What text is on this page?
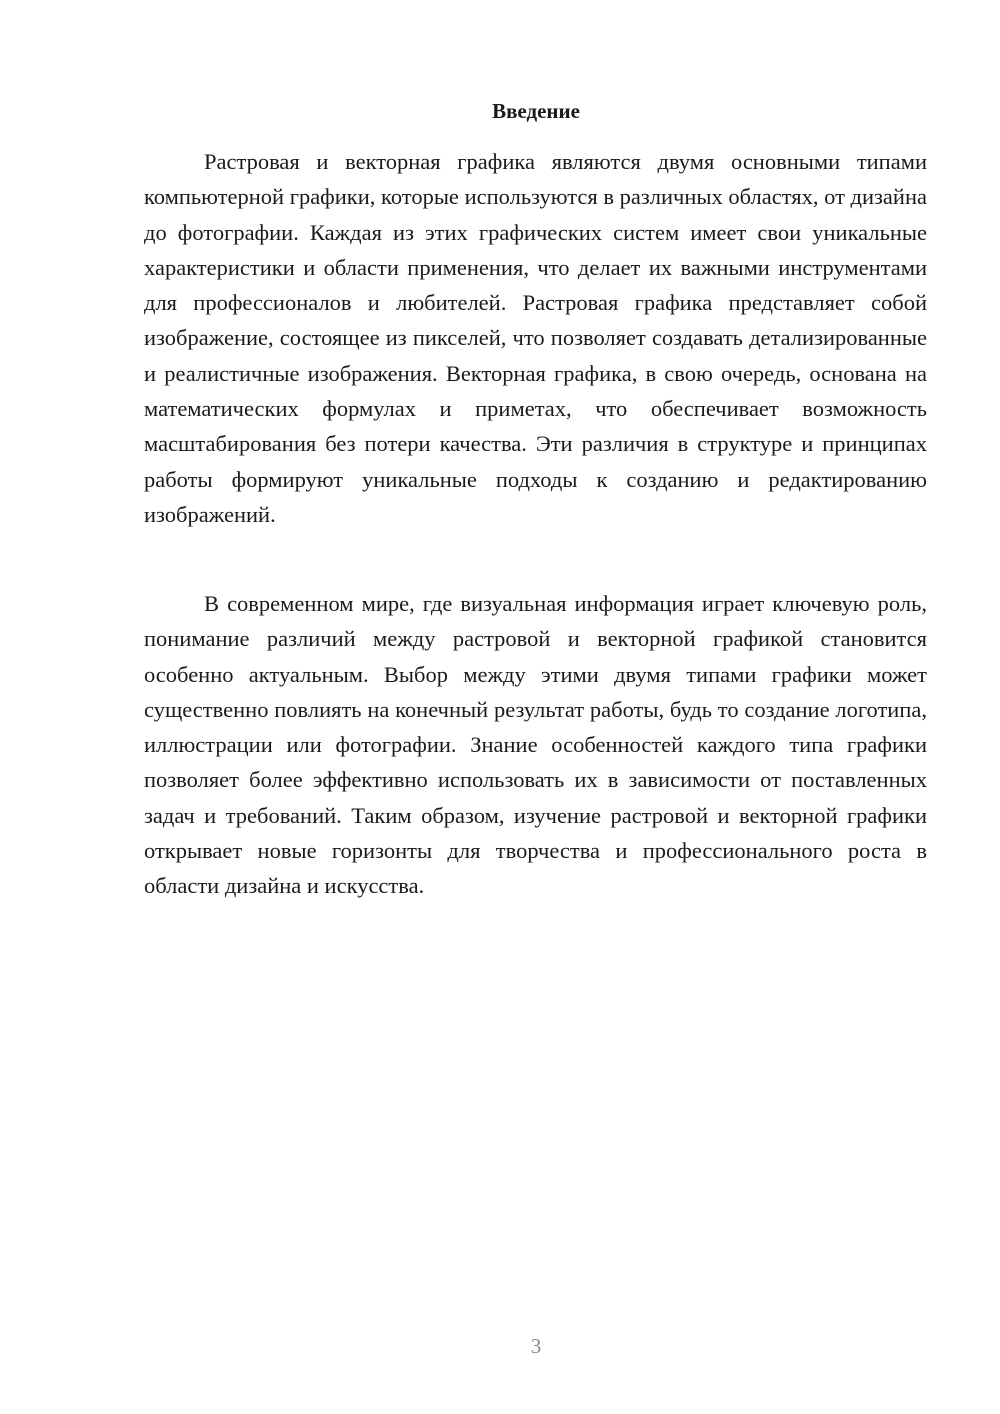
Введение

Растровая и векторная графика являются двумя основными типами компьютерной графики, которые используются в различных областях, от дизайна до фотографии. Каждая из этих графических систем имеет свои уникальные характеристики и области применения, что делает их важными инструментами для профессионалов и любителей. Растровая графика представляет собой изображение, состоящее из пикселей, что позволяет создавать детализированные и реалистичные изображения. Векторная графика, в свою очередь, основана на математических формулах и приметах, что обеспечивает возможность масштабирования без потери качества. Эти различия в структуре и принципах работы формируют уникальные подходы к созданию и редактированию изображений.

В современном мире, где визуальная информация играет ключевую роль, понимание различий между растровой и векторной графикой становится особенно актуальным. Выбор между этими двумя типами графики может существенно повлиять на конечный результат работы, будь то создание логотипа, иллюстрации или фотографии. Знание особенностей каждого типа графики позволяет более эффективно использовать их в зависимости от поставленных задач и требований. Таким образом, изучение растровой и векторной графики открывает новые горизонты для творчества и профессионального роста в области дизайна и искусства.

3
